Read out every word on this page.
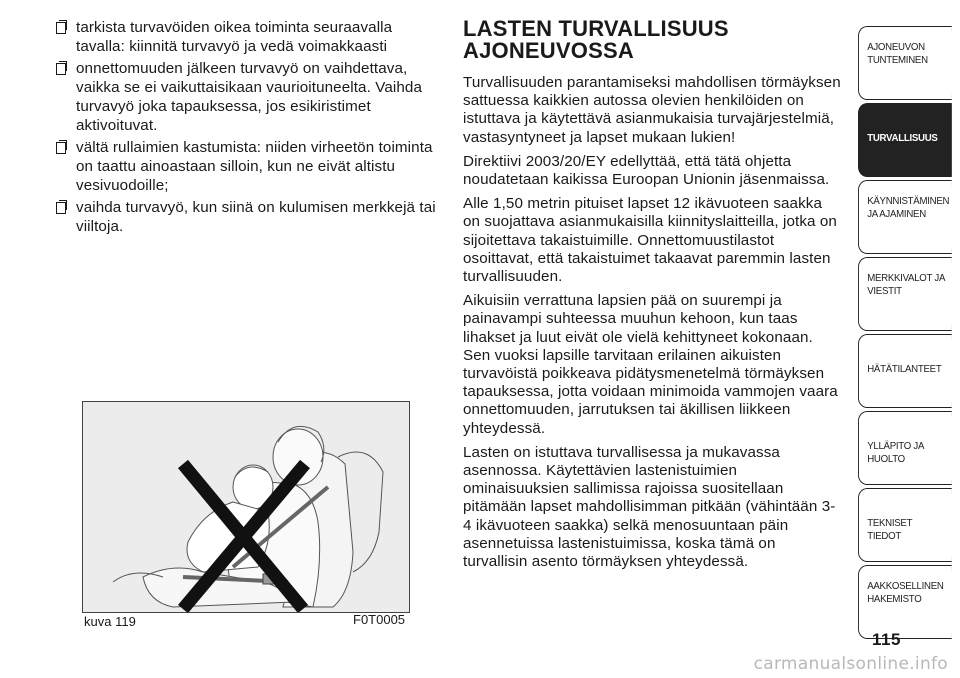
tarkista turvavöiden oikea toiminta seuraavalla tavalla: kiinnitä turvavyö ja vedä voimakkaasti
onnettomuuden jälkeen turvavyö on vaihdettava, vaikka se ei vaikuttaisikaan vaurioituneelta. Vaihda turvavyö joka tapauksessa, jos esikiristimet aktivoituvat.
vältä rullaimien kastumista: niiden virheetön toiminta on taattu ainoastaan silloin, kun ne eivät altistu vesivuodoille;
vaihda turvavyö, kun siinä on kulumisen merkkejä tai viiltoja.
kuva 119	F0T0005
LASTEN TURVALLISUUS
AJONEUVOSSA

Turvallisuuden parantamiseksi mahdollisen törmäyksen sattuessa kaikkien autossa olevien henkilöiden on istuttava ja käytettävä asianmukaisia turvajärjestelmiä, vastasyntyneet ja lapset mukaan lukien!

Direktiivi 2003/20/EY edellyttää, että tätä ohjetta noudatetaan kaikissa Euroopan Unionin jäsenmaissa.

Alle 1,50 metrin pituiset lapset 12 ikävuoteen saakka on suojattava asianmukaisilla kiinnityslaitteilla, jotka on sijoitettava takaistuimille. Onnettomuustilastot osoittavat, että takaistuimet takaavat paremmin lasten turvallisuuden.

Aikuisiin verrattuna lapsien pää on suurempi ja painavampi suhteessa muuhun kehoon, kun taas lihakset ja luut eivät ole vielä kehittyneet kokonaan. Sen vuoksi lapsille tarvitaan erilainen aikuisten turvavöistä poikkeava pidätysmenetelmä törmäyksen tapauksessa, jotta voidaan minimoida vammojen vaara onnettomuuden, jarrutuksen tai äkillisen liikkeen yhteydessä.

Lasten on istuttava turvallisessa ja mukavassa asennossa. Käytettävien lastenistuimien ominaisuuksien sallimissa rajoissa suositellaan pitämään lapset mahdollisimman pitkään (vähintään 3-4 ikävuoteen saakka) selkä menosuuntaan päin asennetuissa lastenistuimissa, koska tämä on turvallisin asento törmäyksen yhteydessä.

AJONEUVON
TUNTEMINEN
TURVALLISUUS
KÄYNNISTÄMINEN
JA AJAMINEN
MERKKIVALOT JA
VIESTIT
HÄTÄTILANTEET
YLLÄPITO JA HUOLTO
TEKNISET TIEDOT
AAKKOSELLINEN
HAKEMISTO
115
carmanualsonline.info
